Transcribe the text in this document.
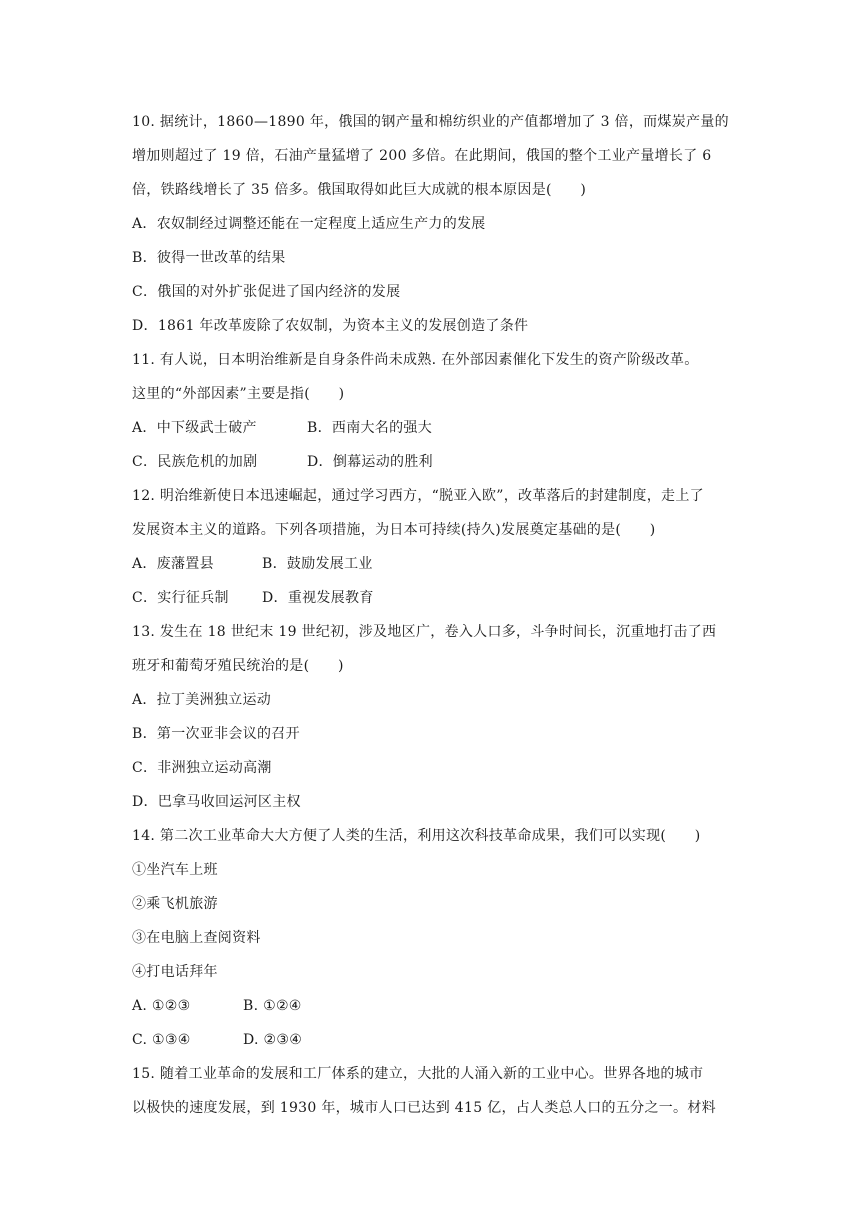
10. 据统计，1860—1890 年，俄国的钢产量和棉纺织业的产值都增加了 3 倍，而煤炭产量的
增加则超过了 19 倍，石油产量猛增了 200 多倍。在此期间，俄国的整个工业产量增长了 6
倍，铁路线增长了 35 倍多。俄国取得如此巨大成就的根本原因是(　　)
A．农奴制经过调整还能在一定程度上适应生产力的发展
B．彼得一世改革的结果
C．俄国的对外扩张促进了国内经济的发展
D．1861 年改革废除了农奴制，为资本主义的发展创造了条件
11. 有人说，日本明治维新是自身条件尚未成熟. 在外部因素催化下发生的资产阶级改革。
这里的“外部因素”主要是指(　　)
A．中下级武士破产	B．西南大名的强大
C．民族危机的加剧	D．倒幕运动的胜利
12. 明治维新使日本迅速崛起，通过学习西方，“脱亚入欧”，改革落后的封建制度，走上了
发展资本主义的道路。下列各项措施，为日本可持续(持久)发展奠定基础的是(　　)
A．废藩置县	B．鼓励发展工业
C．实行征兵制	D．重视发展教育
13. 发生在 18 世纪末 19 世纪初，涉及地区广，卷入人口多，斗争时间长，沉重地打击了西
班牙和葡萄牙殖民统治的是(　　)
A．拉丁美洲独立运动
B．第一次亚非会议的召开
C．非洲独立运动高潮
D．巴拿马收回运河区主权
14. 第二次工业革命大大方便了人类的生活，利用这次科技革命成果，我们可以实现(　　)
①坐汽车上班
②乘飞机旅游
③在电脑上查阅资料
④打电话拜年
A. ①②③	B. ①②④
C. ①③④	D. ②③④
15. 随着工业革命的发展和工厂体系的建立，大批的人涌入新的工业中心。世界各地的城市
以极快的速度发展，到 1930 年，城市人口已达到 415 亿，占人类总人口的五分之一。材料
